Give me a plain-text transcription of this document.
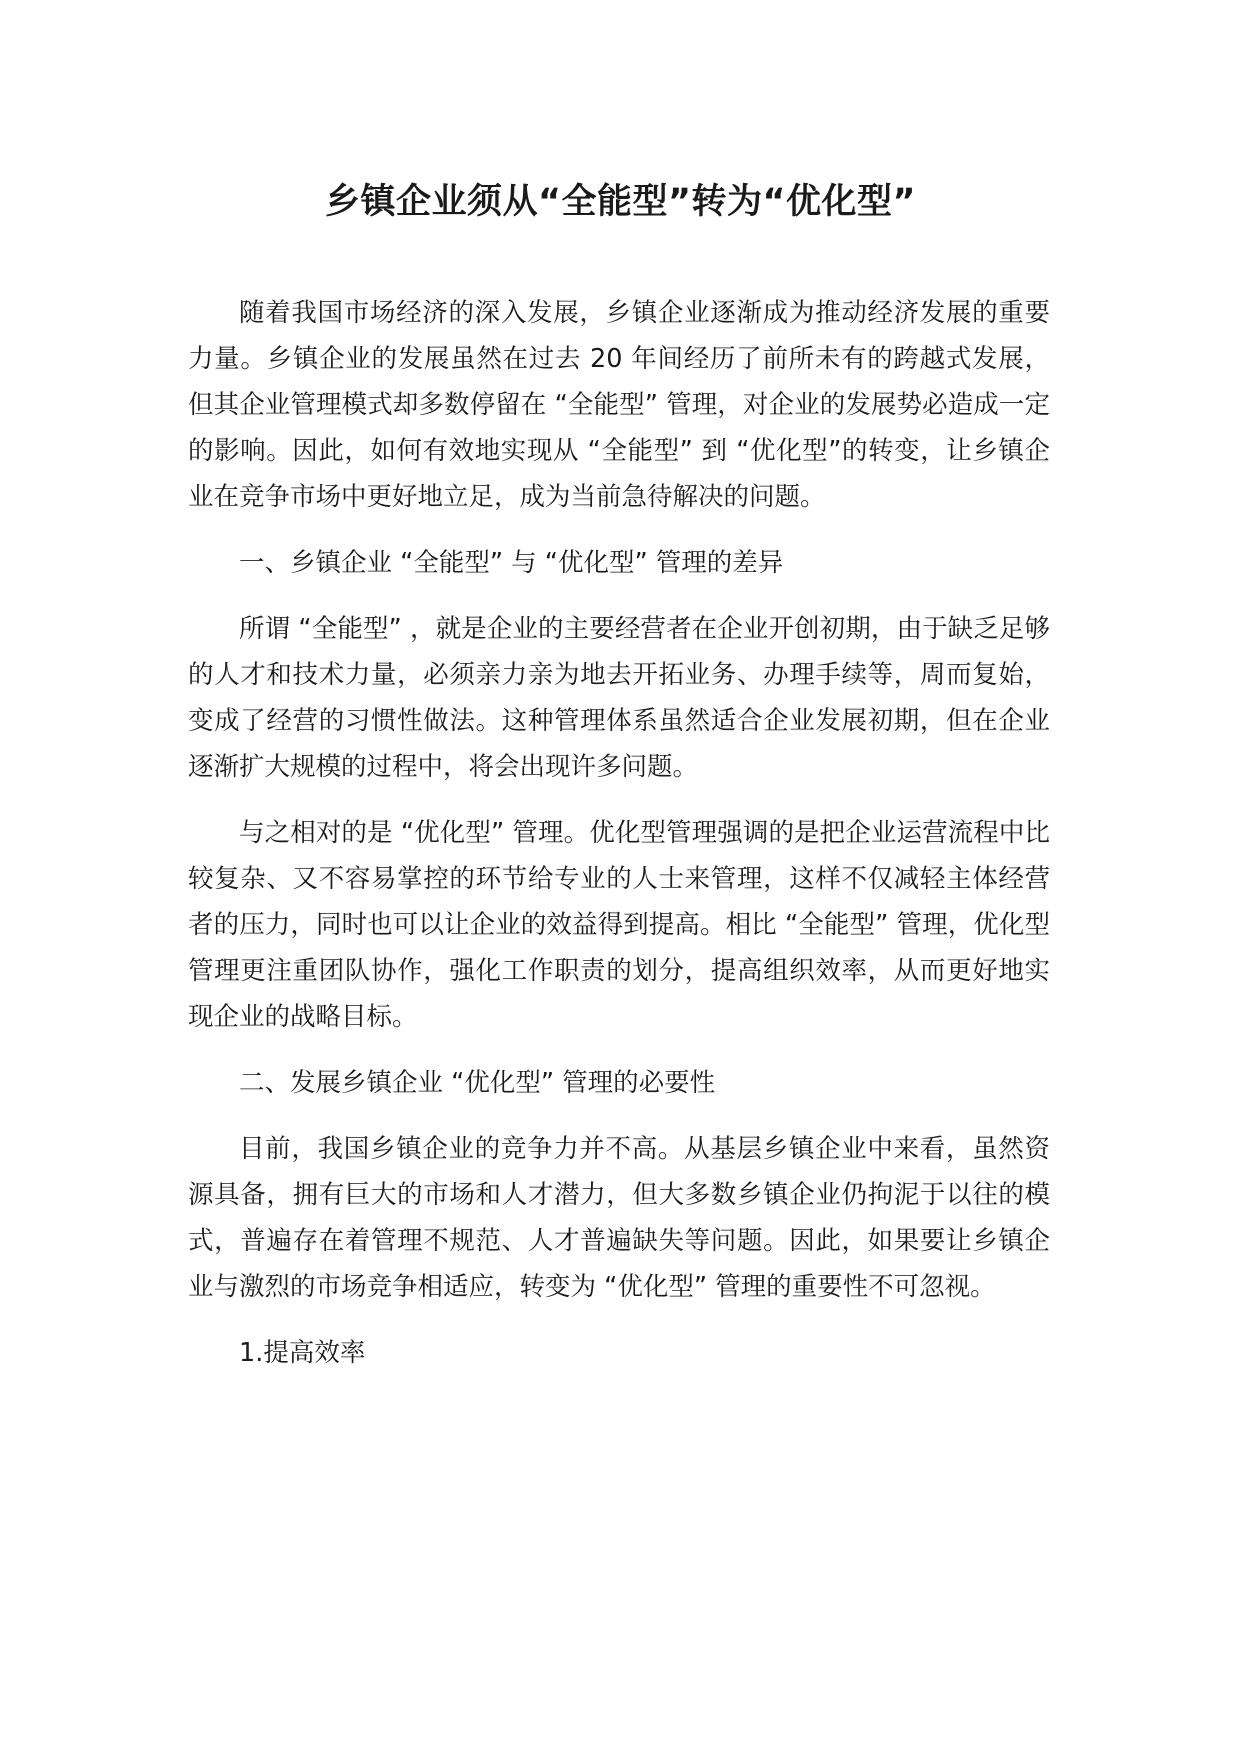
乡镇企业须从“全能型”转为“优化型”

随着我国市场经济的深入发展，乡镇企业逐渐成为推动经济发展的重要力量。乡镇企业的发展虽然在过去 20 年间经历了前所未有的跨越式发展，但其企业管理模式却多数停留在 “全能型” 管理，对企业的发展势必造成一定的影响。因此，如何有效地实现从 “全能型” 到 “优化型”的转变，让乡镇企业在竞争市场中更好地立足，成为当前急待解决的问题。

一、乡镇企业 “全能型” 与 “优化型” 管理的差异

所谓 “全能型” ，就是企业的主要经营者在企业开创初期，由于缺乏足够的人才和技术力量，必须亲力亲为地去开拓业务、办理手续等，周而复始，变成了经营的习惯性做法。这种管理体系虽然适合企业发展初期，但在企业逐渐扩大规模的过程中，将会出现许多问题。

与之相对的是 “优化型” 管理。优化型管理强调的是把企业运营流程中比较复杂、又不容易掌控的环节给专业的人士来管理，这样不仅减轻主体经营者的压力，同时也可以让企业的效益得到提高。相比 “全能型” 管理，优化型管理更注重团队协作，强化工作职责的划分，提高组织效率，从而更好地实现企业的战略目标。

二、发展乡镇企业 “优化型” 管理的必要性

目前，我国乡镇企业的竞争力并不高。从基层乡镇企业中来看，虽然资源具备，拥有巨大的市场和人才潜力，但大多数乡镇企业仍拘泥于以往的模式，普遍存在着管理不规范、人才普遍缺失等问题。因此，如果要让乡镇企业与激烈的市场竞争相适应，转变为 “优化型” 管理的重要性不可忽视。

1.提高效率
